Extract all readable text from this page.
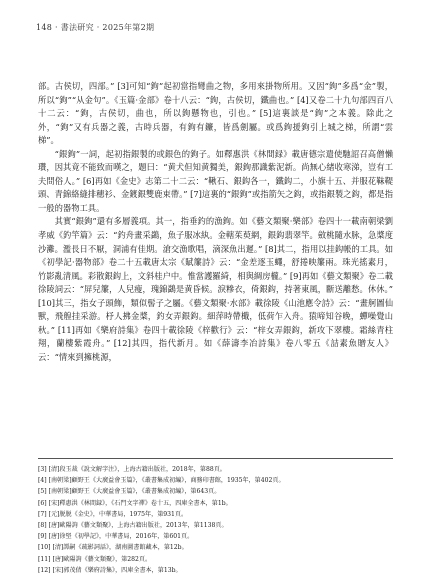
148 · 書法研究 · 2025年第2期

部。古侯切，四部。” [3]可知“鉤”起初當指彎曲之物，多用來掛物所用。又因“鉤”多爲“金”製，所以“鉤”“从金句”。《玉篇·金部》卷十八云：“鉤，古侯切，鐵曲也。” [4]又卷二十九句部四百八十二云：“鉤，古侯切，曲也，所以鉤懸物也，引也。” [5]這裏談是“鉤”之本義。除此之外，“鉤”又有兵器之義，古時兵器，有鉤有鐮，皆爲劍屬。或爲鉤援鉤引上城之梯，所謂“雲梯”。

“銀鉤”一詞，起初指銀製的或銀色的鉤子。如釋惠洪《林間録》載唐德宗遣使馳詔召高僧懶瓚，因其竟不能致而嘆之，題曰：“黄犬但知黄獨美，銀鉤那識紫泥新。尚無心緒收寒涕，豈有工夫問俗人。” [6]再如《金史》志第二十二云：“鞦石、銀鈎各一，鐵鈎二，小旗十五、并服花靺鞮頭、青錦絡縫排穗衫、金鍍銀雙鹿束帶。” [7]這裏的“銀鉤”或指箭矢之鈎，或指銀製之鈎，都是指一般的器物工具。

其實“銀鉤”還有多層義項。其一，指垂釣的漁鉤。如《藝文類聚·樂部》卷四十一載南朝梁劉孝威《釣竿篇》云：“釣舟畫采鷁，魚子服冰紈。金轄茱萸網，銀鈎翡翠竿。斂桃隨水脉，急槳度沙灘。濫長日不厭，洞浦有佳期。滄交漁歌唱，滴深魚出遲。” [8]其二，指用以挂鈎帳的工具。如《初學記·器物部》卷二十五載唐太宗《賦簾詩》云：“金差逐玉蠅，舒捲映簾兩。珠光搖素月，竹影亂清風。彩散銀鈎上，文斜桂户中。惟當護羅綺，相與綢房櫳。” [9]再如《藝文類聚》卷二載徐陵詞云：“屏兒簾，人兒瘦，瑰錦鷁是黄昏候。淚糝衣，倚銀鈎，持著東風，斷送離愁。休休。” [10]其三，指女子頭飾，類似髻子之屬。《藝文類聚·水部》載徐陵《山池應令詩》云：“畫舸圖仙獸，飛艎挂采游。杼人拂金槳，釣女弄銀鈎。細萍時帶檝，低荷乍入舟。猿啼知谷晚，蟬噪覺山秋。” [11]再如《樂府詩集》卷四十載徐陵《梓歡行》云：“梓女弄銀鈎，新攻下翠樓。霜絲青柱翔，蘭樓紫霞舟。” [12]其四，指代新月。如《薛濤李冶詩集》卷八零五《詰素魚贈友人》云：“情來到擁桃源，

[3] [清]段玉裁《說文解字注》，上海古籍出版社，2018年，第88頁。
[4] [南朝梁]顧野王《大廣益會玉篇》，《叢書集成初編》，商務印書館，1935年，第402頁。
[5] [南朝梁]顧野王《大廣益會玉篇》，《叢書集成初編》，第643頁。
[6] [宋]釋惠洪《林間録》，《石門文字禪》卷十五，四庫全書本，第1b。
[7] [元]脱脱《金史》，中華書局，1975年，第931頁。
[8] [唐]歐陽詢《藝文類聚》，上海古籍出版社，2013年，第1138頁。
[9] [唐]徐堅《初學記》，中華書局，2016年，第601頁。
[10] [清]譚嗣《疏影詞話》，湖南圖書館藏本，第12b。
[11] [唐]歐陽詢《藝文類聚》，第282頁。
[12] [宋]郭茂倩《樂府詩集》，四庫全書本，第13b。
